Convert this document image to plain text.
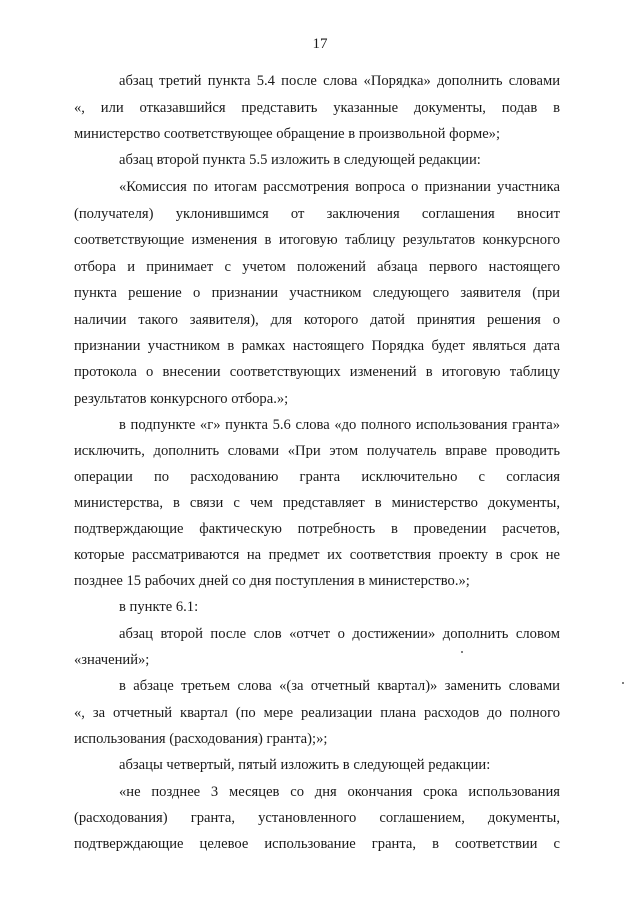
17
абзац третий пункта 5.4 после слова «Порядка» дополнить словами
«, или отказавшийся представить указанные документы, подав в
министерство соответствующее обращение в произвольной форме»;
абзац второй пункта 5.5 изложить в следующей редакции:
«Комиссия по итогам рассмотрения вопроса о признании участника
(получателя) уклонившимся от заключения соглашения вносит
соответствующие изменения в итоговую таблицу результатов конкурсного
отбора и принимает с учетом положений абзаца первого настоящего
пункта решение о признании участником следующего заявителя (при
наличии такого заявителя), для которого датой принятия решения о
признании участником в рамках настоящего Порядка будет являться дата
протокола о внесении соответствующих изменений в итоговую таблицу
результатов конкурсного отбора.»;
в подпункте «г» пункта 5.6 слова «до полного использования гранта»
исключить, дополнить словами «При этом получатель вправе проводить
операции по расходованию гранта исключительно с согласия
министерства, в связи с чем представляет в министерство документы,
подтверждающие фактическую потребность в проведении расчетов,
которые рассматриваются на предмет их соответствия проекту в срок не
позднее 15 рабочих дней со дня поступления в министерство.»;
в пункте 6.1:
абзац второй после слов «отчет о достижении» дополнить словом
«значений»;
в абзаце третьем слова «(за отчетный квартал)» заменить словами
«, за отчетный квартал (по мере реализации плана расходов до полного
использования (расходования) гранта);»;
абзацы четвертый, пятый изложить в следующей редакции:
«не позднее 3 месяцев со дня окончания срока использования
(расходования) гранта, установленного соглашением, документы,
подтверждающие целевое использование гранта, в соответствии с
